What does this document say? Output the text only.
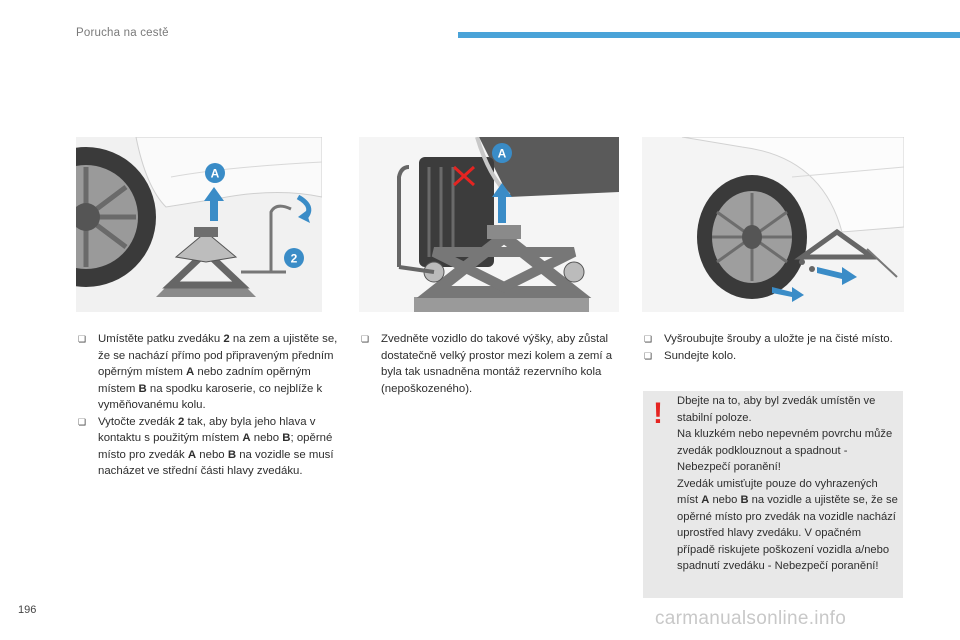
Porucha na cestě
A
2
A

❏ Umístěte patku zvedáku 2 na zem a ujistěte se, že se nachází přímo pod připraveným předním opěrným místem A nebo zadním opěrným místem B na spodku karoserie, co nejblíže k vyměňovanému kolu.

❏ Vytočte zvedák 2 tak, aby byla jeho hlava v kontaktu s použitým místem A nebo B; opěrné místo pro zvedák A nebo B na vozidle se musí nacházet ve střední části hlavy zvedáku.

❏ Zvedněte vozidlo do takové výšky, aby zůstal dostatečně velký prostor mezi kolem a zemí a byla tak usnadněna montáž rezervního kola (nepoškozeného).

❏ Vyšroubujte šrouby a uložte je na čisté místo.

❏ Sundejte kolo.

! Dbejte na to, aby byl zvedák umístěn ve stabilní poloze.
Na kluzkém nebo nepevném povrchu může zvedák podklouznout a spadnout - Nebezpečí poranění!
Zvedák umisťujte pouze do vyhrazených míst A nebo B na vozidle a ujistěte se, že se opěrné místo pro zvedák na vozidle nachází uprostřed hlavy zvedáku. V opačném případě riskujete poškození vozidla a/nebo spadnutí zvedáku - Nebezpečí poranění!
196	carmanualsonline.info
